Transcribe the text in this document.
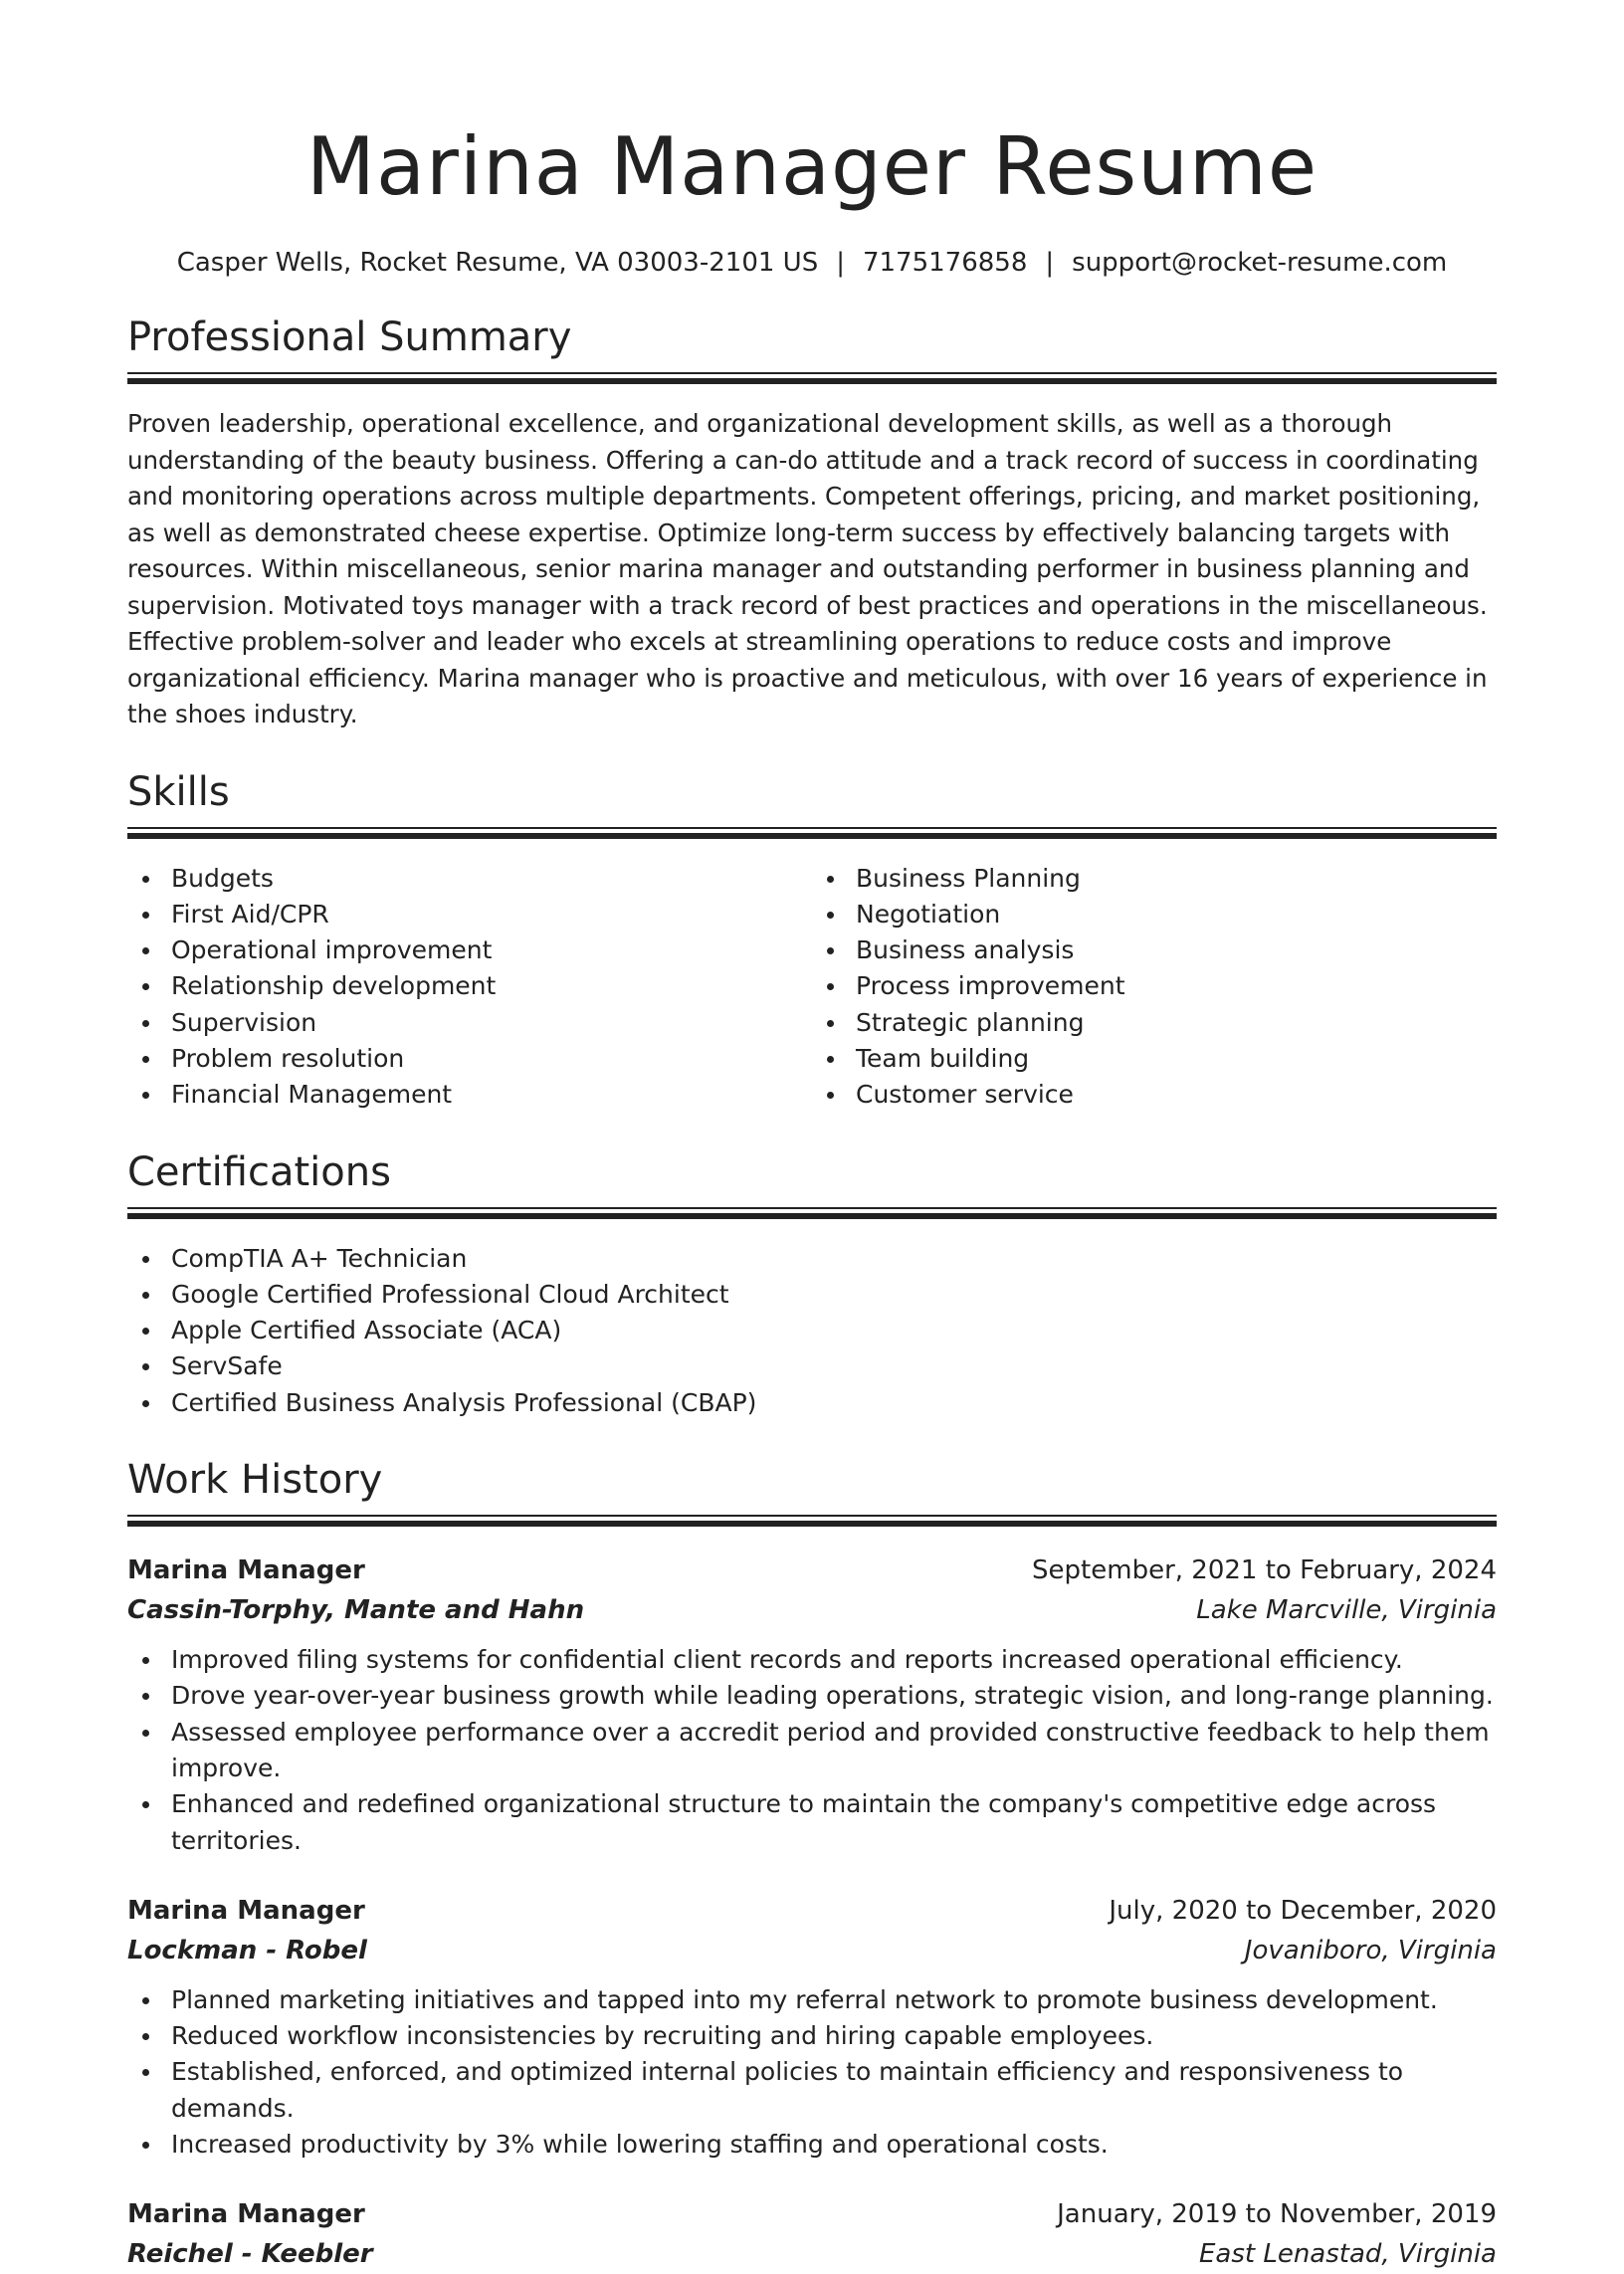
Marina Manager Resume
Casper Wells, Rocket Resume, VA 03003-2101 US | 7175176858 | support@rocket-resume.com
Professional Summary
Proven leadership, operational excellence, and organizational development skills, as well as a thorough understanding of the beauty business. Offering a can-do attitude and a track record of success in coordinating and monitoring operations across multiple departments. Competent offerings, pricing, and market positioning, as well as demonstrated cheese expertise. Optimize long-term success by effectively balancing targets with resources. Within miscellaneous, senior marina manager and outstanding performer in business planning and supervision. Motivated toys manager with a track record of best practices and operations in the miscellaneous. Effective problem-solver and leader who excels at streamlining operations to reduce costs and improve organizational efficiency. Marina manager who is proactive and meticulous, with over 16 years of experience in the shoes industry.
Skills
Budgets
First Aid/CPR
Operational improvement
Relationship development
Supervision
Problem resolution
Financial Management
Business Planning
Negotiation
Business analysis
Process improvement
Strategic planning
Team building
Customer service
Certifications
CompTIA A+ Technician
Google Certified Professional Cloud Architect
Apple Certified Associate (ACA)
ServSafe
Certified Business Analysis Professional (CBAP)
Work History
Marina Manager	September, 2021 to February, 2024
Cassin-Torphy, Mante and Hahn	Lake Marcville, Virginia
Improved filing systems for confidential client records and reports increased operational efficiency.
Drove year-over-year business growth while leading operations, strategic vision, and long-range planning.
Assessed employee performance over a accredit period and provided constructive feedback to help them improve.
Enhanced and redefined organizational structure to maintain the company's competitive edge across territories.
Marina Manager	July, 2020 to December, 2020
Lockman - Robel	Jovaniboro, Virginia
Planned marketing initiatives and tapped into my referral network to promote business development.
Reduced workflow inconsistencies by recruiting and hiring capable employees.
Established, enforced, and optimized internal policies to maintain efficiency and responsiveness to demands.
Increased productivity by 3% while lowering staffing and operational costs.
Marina Manager	January, 2019 to November, 2019
Reichel - Keebler	East Lenastad, Virginia
